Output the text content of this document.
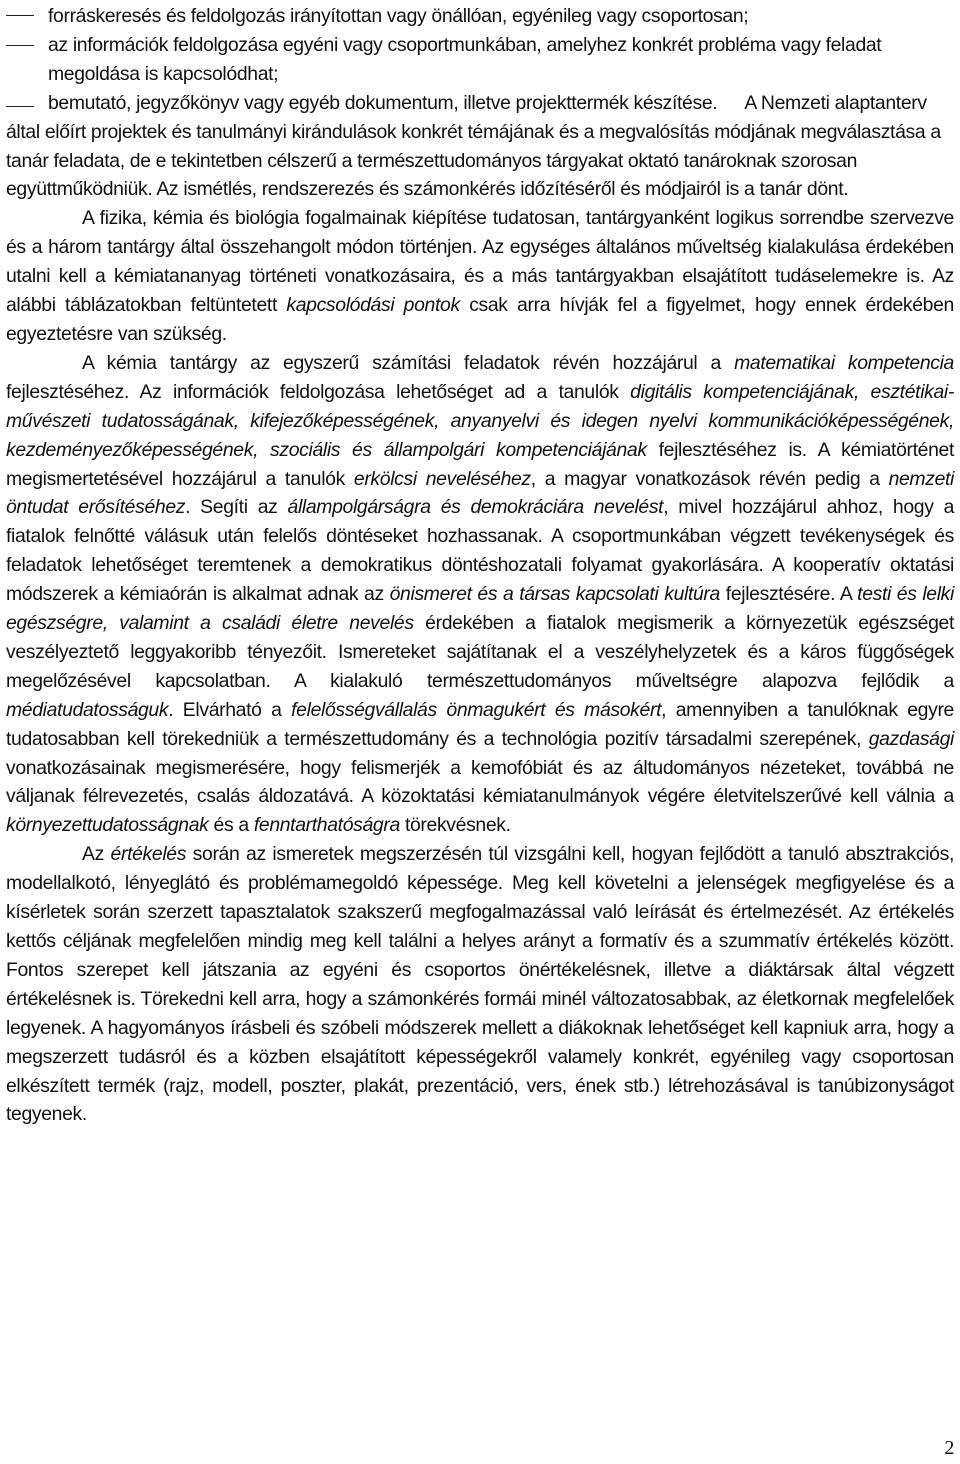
forráskeresés és feldolgozás irányítottan vagy önállóan, egyénileg vagy csoportosan;
az információk feldolgozása egyéni vagy csoportmunkában, amelyhez konkrét probléma vagy feladat megoldása is kapcsolódhat;
bemutató, jegyzőkönyv vagy egyéb dokumentum, illetve projekttermék készítése. A Nemzeti alaptanterv által előírt projektek és tanulmányi kirándulások konkrét témájának és a megvalósítás módjának megválasztása a tanár feladata, de e tekintetben célszerű a természettudományos tárgyakat oktató tanároknak szorosan együttműködniük. Az ismétlés, rendszerezés és számonkérés időzítéséről és módjairól is a tanár dönt.

A fizika, kémia és biológia fogalmainak kiépítése tudatosan, tantárgyanként logikus sorrendbe szervezve és a három tantárgy által összehangolt módon történjen. Az egységes általános műveltség kialakulása érdekében utalni kell a kémiatananyag történeti vonatkozásaira, és a más tantárgyakban elsajátított tudáselemekre is. Az alábbi táblázatokban feltüntetett kapcsolódási pontok csak arra hívják fel a figyelmet, hogy ennek érdekében egyeztetésre van szükség.

A kémia tantárgy az egyszerű számítási feladatok révén hozzájárul a matematikai kompetencia fejlesztéséhez. Az információk feldolgozása lehetőséget ad a tanulók digitális kompetenciájának, esztétikai-művészeti tudatosságának, kifejezőképességének, anyanyelvi és idegen nyelvi kommunikációképességének, kezdeményezőképességének, szociális és állampolgári kompetenciájának fejlesztéséhez is. A kémiatörténet megismertetésével hozzájárul a tanulók erkölcsi neveléséhez, a magyar vonatkozások révén pedig a nemzeti öntudat erősítéséhez. Segíti az állampolgárságra és demokráciára nevelést, mivel hozzájárul ahhoz, hogy a fiatalok felnőtté válásuk után felelős döntéseket hozhassanak. A csoportmunkában végzett tevékenységek és feladatok lehetőséget teremtenek a demokratikus döntéshozatali folyamat gyakorlására. A kooperatív oktatási módszerek a kémiaórán is alkalmat adnak az önismeret és a társas kapcsolati kultúra fejlesztésére. A testi és lelki egészségre, valamint a családi életre nevelés érdekében a fiatalok megismerik a környezetük egészséget veszélyeztető leggyakoribb tényezőit. Ismereteket sajátítanak el a veszélyhelyzetek és a káros függőségek megelőzésével kapcsolatban. A kialakuló természettudományos műveltségre alapozva fejlődik a médiatudatosságuk. Elvárható a felelősségvállalás önmagukért és másokért, amennyiben a tanulóknak egyre tudatosabban kell törekedniük a természettudomány és a technológia pozitív társadalmi szerepének, gazdasági vonatkozásainak megismerésére, hogy felismerjék a kemofóbiát és az áltudományos nézeteket, továbbá ne váljanak félrevezetés, csalás áldozatává. A közoktatási kémiatanulmányok végére életvitelszerűvé kell válnia a környezettudatosságnak és a fenntarthatóságra törekvésnek.

Az értékelés során az ismeretek megszerzésén túl vizsgálni kell, hogyan fejlődött a tanuló absztrakciós, modellalkotó, lényeglátó és problémamegoldó képessége. Meg kell követelni a jelenségek megfigyelése és a kísérletek során szerzett tapasztalatok szakszerű megfogalmazással való leírását és értelmezését. Az értékelés kettős céljának megfelelően mindig meg kell találni a helyes arányt a formatív és a szummatív értékelés között. Fontos szerepet kell játszania az egyéni és csoportos önértékelésnek, illetve a diáktársak által végzett értékelésnek is. Törekedni kell arra, hogy a számonkérés formái minél változatosabbak, az életkornak megfelelőek legyenek. A hagyományos írásbeli és szóbeli módszerek mellett a diákoknak lehetőséget kell kapniuk arra, hogy a megszerzett tudásról és a közben elsajátított képességekről valamely konkrét, egyénileg vagy csoportosan elkészített termék (rajz, modell, poszter, plakát, prezentáció, vers, ének stb.) létrehozásával is tanúbizonyságot tegyenek.

2
